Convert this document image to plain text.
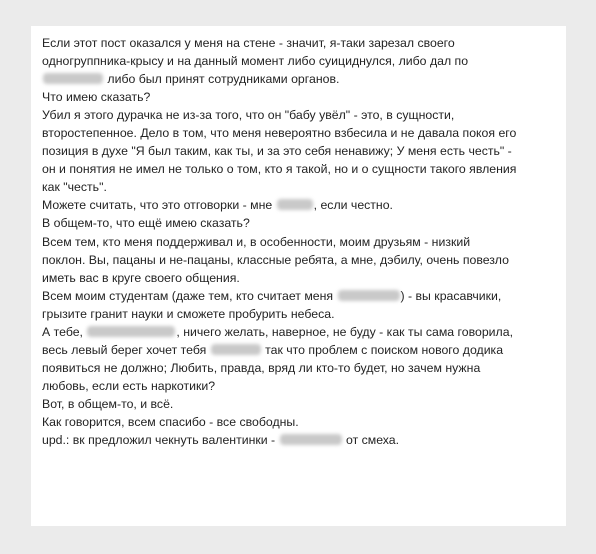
Если этот пост оказался у меня на стене - значит, я-таки зарезал своего
одногруппника-крысу и на данный момент либо суициднулся, либо дал по
либо был принят сотрудниками органов.
Что имею сказать?
Убил я этого дурачка не из-за того, что он "бабу увёл" - это, в сущности,
второстепенное. Дело в том, что меня невероятно взбесила и не давала покоя его
позиция в духе "Я был таким, как ты, и за это себя ненавижу; У меня есть честь" -
он и понятия не имел не только о том, кто я такой, но и о сущности такого явления
как "честь".
Можете считать, что это отговорки - мне	, если честно.
В общем-то, что ещё имею сказать?
Всем тем, кто меня поддерживал и, в особенности, моим друзьям - низкий
поклон. Вы, пацаны и не-пацаны, классные ребята, а мне, дэбилу, очень повезло
иметь вас в круге своего общения.
Всем моим студентам (даже тем, кто считает меня	) - вы красавчики,
грызите гранит науки и сможете пробурить небеса.
А тебе,	, ничего желать, наверное, не буду - как ты сама говорила,
весь левый берег хочет тебя	так что проблем с поиском нового додика
появиться не должно; Любить, правда, вряд ли кто-то будет, но зачем нужна
любовь, если есть наркотики?
Вот, в общем-то, и всё.
Как говорится, всем спасибо - все свободны.
upd.: вк предложил чекнуть валентинки -	от смеха.
